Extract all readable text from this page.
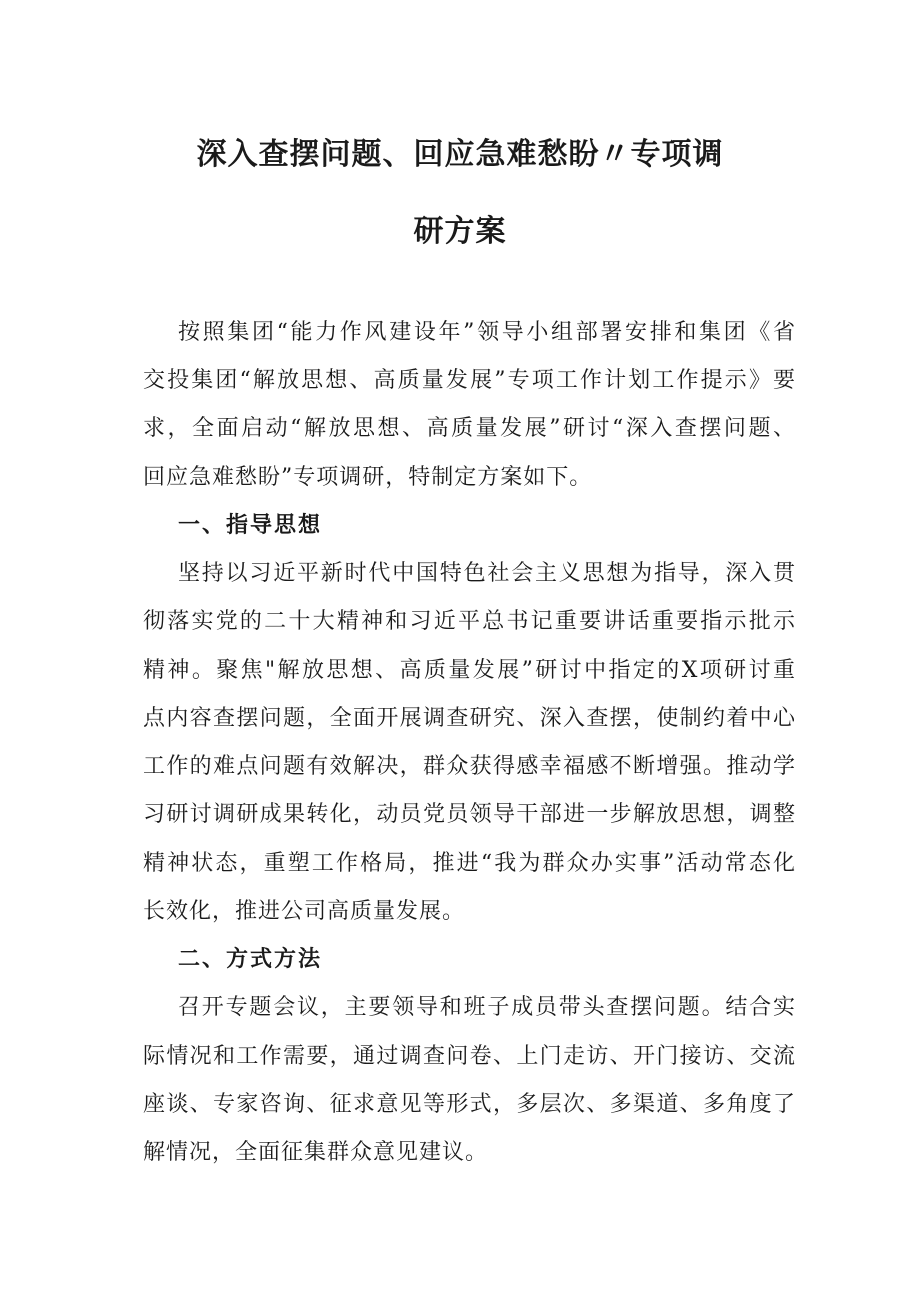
深入查摆问题、回应急难愁盼〃专项调
研方案
按照集团“能力作风建设年”领导小组部署安排和集团《省
交投集团“解放思想、高质量发展”专项工作计划工作提示》要
求，全面启动“解放思想、高质量发展”研讨“深入查摆问题、
回应急难愁盼”专项调研，特制定方案如下。
一、指导思想
坚持以习近平新时代中国特色社会主义思想为指导，深入贯
彻落实党的二十大精神和习近平总书记重要讲话重要指示批示
精神。聚焦"解放思想、高质量发展”研讨中指定的X项研讨重
点内容查摆问题，全面开展调查研究、深入查摆，使制约着中心
工作的难点问题有效解决，群众获得感幸福感不断增强。推动学
习研讨调研成果转化，动员党员领导干部进一步解放思想，调整
精神状态，重塑工作格局，推进“我为群众办实事”活动常态化
长效化，推进公司高质量发展。
二、方式方法
召开专题会议，主要领导和班子成员带头查摆问题。结合实
际情况和工作需要，通过调查问卷、上门走访、开门接访、交流
座谈、专家咨询、征求意见等形式，多层次、多渠道、多角度了
解情况，全面征集群众意见建议。
